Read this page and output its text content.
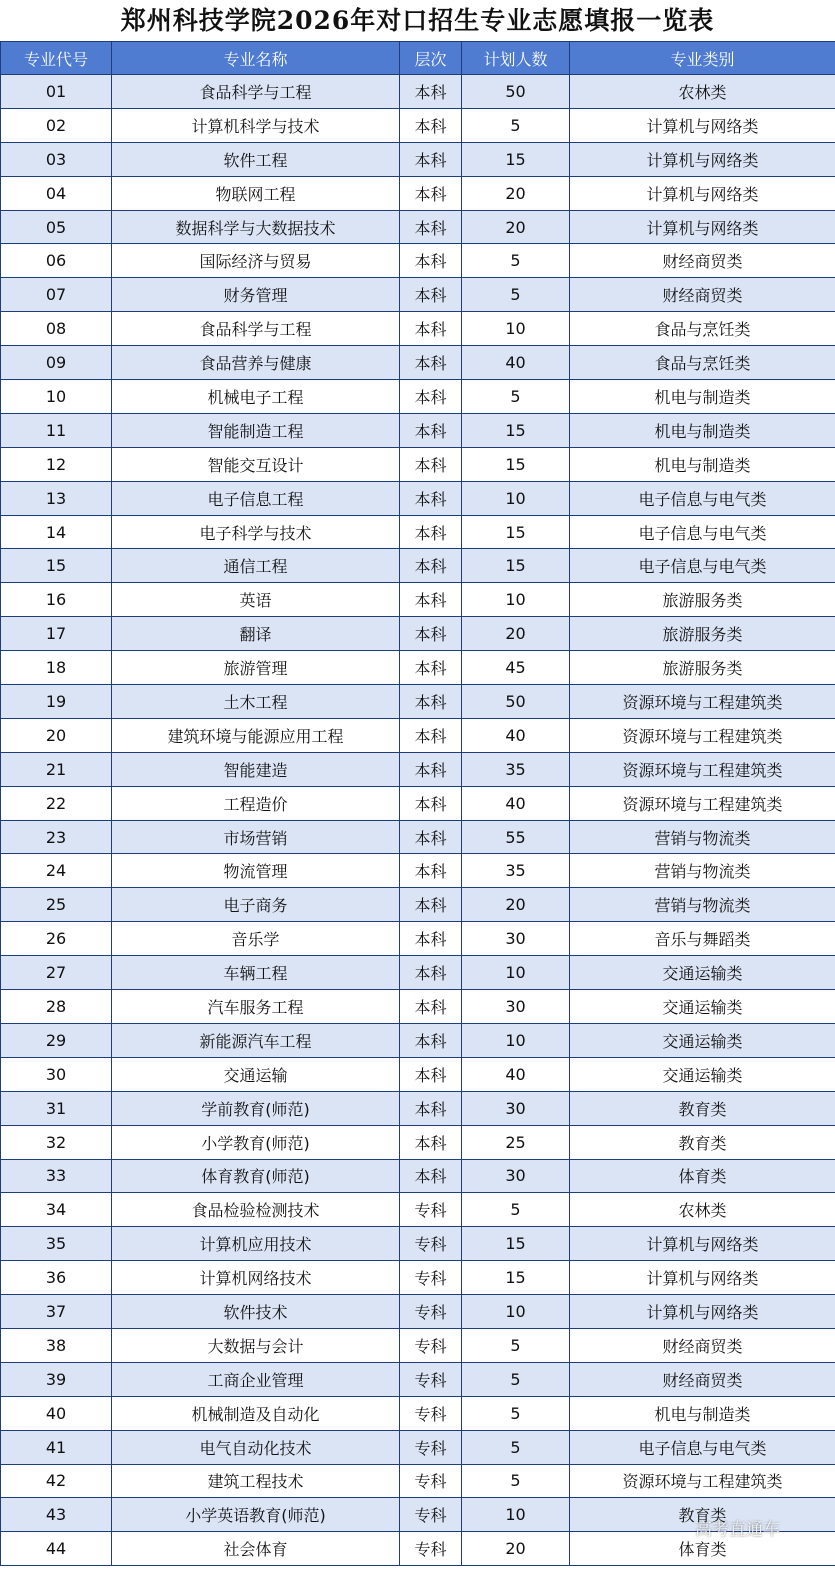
郑州科技学院2026年对口招生专业志愿填报一览表
专业代号	专业名称	层次	计划人数	专业类别
01	食品科学与工程	本科	50	农林类
02	计算机科学与技术	本科	5	计算机与网络类
03	软件工程	本科	15	计算机与网络类
04	物联网工程	本科	20	计算机与网络类
05	数据科学与大数据技术	本科	20	计算机与网络类
06	国际经济与贸易	本科	5	财经商贸类
07	财务管理	本科	5	财经商贸类
08	食品科学与工程	本科	10	食品与烹饪类
09	食品营养与健康	本科	40	食品与烹饪类
10	机械电子工程	本科	5	机电与制造类
11	智能制造工程	本科	15	机电与制造类
12	智能交互设计	本科	15	机电与制造类
13	电子信息工程	本科	10	电子信息与电气类
14	电子科学与技术	本科	15	电子信息与电气类
15	通信工程	本科	15	电子信息与电气类
16	英语	本科	10	旅游服务类
17	翻译	本科	20	旅游服务类
18	旅游管理	本科	45	旅游服务类
19	土木工程	本科	50	资源环境与工程建筑类
20	建筑环境与能源应用工程	本科	40	资源环境与工程建筑类
21	智能建造	本科	35	资源环境与工程建筑类
22	工程造价	本科	40	资源环境与工程建筑类
23	市场营销	本科	55	营销与物流类
24	物流管理	本科	35	营销与物流类
25	电子商务	本科	20	营销与物流类
26	音乐学	本科	30	音乐与舞蹈类
27	车辆工程	本科	10	交通运输类
28	汽车服务工程	本科	30	交通运输类
29	新能源汽车工程	本科	10	交通运输类
30	交通运输	本科	40	交通运输类
31	学前教育(师范)	本科	30	教育类
32	小学教育(师范)	本科	25	教育类
33	体育教育(师范)	本科	30	体育类
34	食品检验检测技术	专科	5	农林类
35	计算机应用技术	专科	15	计算机与网络类
36	计算机网络技术	专科	15	计算机与网络类
37	软件技术	专科	10	计算机与网络类
38	大数据与会计	专科	5	财经商贸类
39	工商企业管理	专科	5	财经商贸类
40	机械制造及自动化	专科	5	机电与制造类
41	电气自动化技术	专科	5	电子信息与电气类
42	建筑工程技术	专科	5	资源环境与工程建筑类
43	小学英语教育(师范)	专科	10	教育类
44	社会体育	专科	20	体育类
高考直通车
